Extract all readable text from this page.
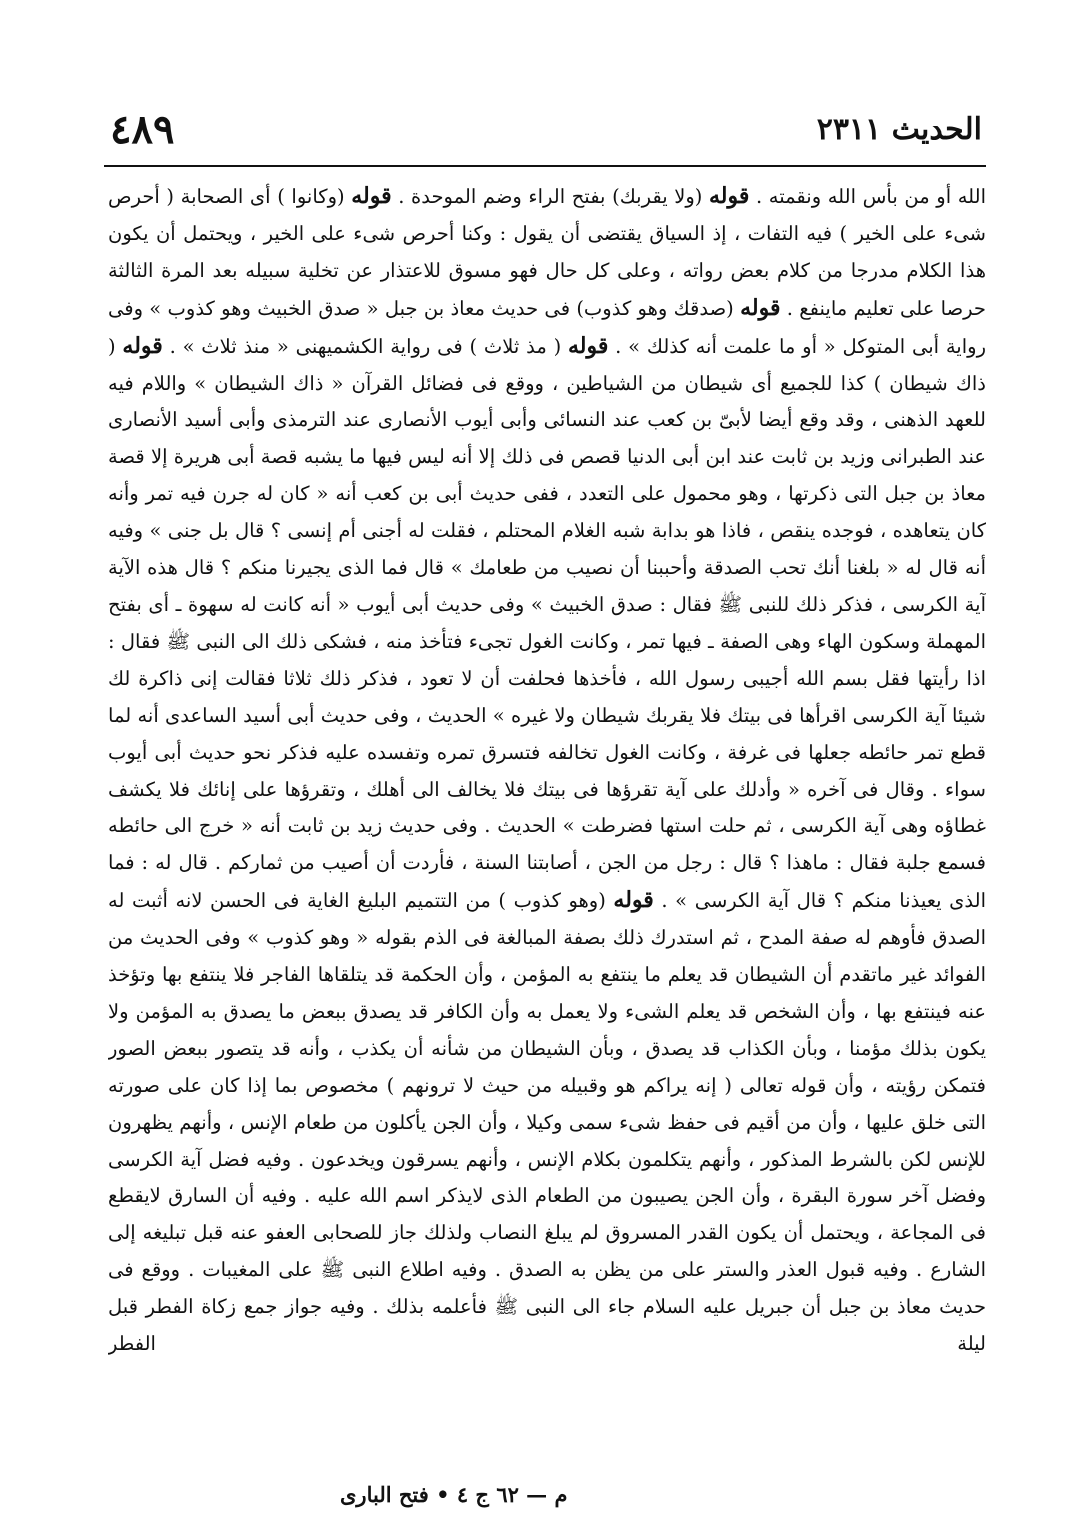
الحديث ٢٣١١
٤٨٩

الله أو من بأس الله ونقمته . قوله (ولا يقربك) بفتح الراء وضم الموحدة . قوله (وكانوا ) أى الصحابة ( أحرص شىء على الخير ) فيه التفات ، إذ السياق يقتضى أن يقول : وكنا أحرص شىء على الخير ، ويحتمل أن يكون هذا الكلام مدرجا من كلام بعض رواته ، وعلى كل حال فهو مسوق للاعتذار عن تخلية سبيله بعد المرة الثالثة حرصا على تعليم ماينفع . قوله (صدقك وهو كذوب) فى حديث معاذ بن جبل « صدق الخبيث وهو كذوب » وفى رواية أبى المتوكل « أو ما علمت أنه كذلك » . قوله ( مذ ثلاث ) فى رواية الكشميهنى « منذ ثلاث » . قوله ( ذاك شيطان ) كذا للجميع أى شيطان من الشياطين ، ووقع فى فضائل القرآن « ذاك الشيطان » واللام فيه للعهد الذهنى ، وقد وقع أيضا لأبىّ بن كعب عند النسائى وأبى أيوب الأنصارى عند الترمذى وأبى أسيد الأنصارى عند الطبرانى وزيد بن ثابت عند ابن أبى الدنيا قصص فى ذلك إلا أنه ليس فيها ما يشبه قصة أبى هريرة إلا قصة معاذ بن جبل التى ذكرتها ، وهو محمول على التعدد ، ففى حديث أبى بن كعب أنه « كان له جرن فيه تمر وأنه كان يتعاهده ، فوجده ينقص ، فاذا هو بدابة شبه الغلام المحتلم ، فقلت له أجنى أم إنسى ؟ قال بل جنى » وفيه أنه قال له « بلغنا أنك تحب الصدقة وأحببنا أن نصيب من طعامك » قال فما الذى يجيرنا منكم ؟ قال هذه الآية آية الكرسى ، فذكر ذلك للنبى ﷺ فقال : صدق الخبيث » وفى حديث أبى أيوب « أنه كانت له سهوة ـ أى بفتح المهملة وسكون الهاء وهى الصفة ـ فيها تمر ، وكانت الغول تجىء فتأخذ منه ، فشكى ذلك الى النبى ﷺ فقال : اذا رأيتها فقل بسم الله أجيبى رسول الله ، فأخذها فحلفت أن لا تعود ، فذكر ذلك ثلاثا فقالت إنى ذاكرة لك شيئا آية الكرسى اقرأها فى بيتك فلا يقربك شيطان ولا غيره » الحديث ، وفى حديث أبى أسيد الساعدى أنه لما قطع تمر حائطه جعلها فى غرفة ، وكانت الغول تخالفه فتسرق تمره وتفسده عليه فذكر نحو حديث أبى أيوب سواء . وقال فى آخره « وأدلك على آية تقرؤها فى بيتك فلا يخالف الى أهلك ، وتقرؤها على إنائك فلا يكشف غطاؤه وهى آية الكرسى ، ثم حلت استها فضرطت » الحديث . وفى حديث زيد بن ثابت أنه « خرج الى حائطه فسمع جلبة فقال : ماهذا ؟ قال : رجل من الجن ، أصابتنا السنة ، فأردت أن أصيب من ثماركم . قال له : فما الذى يعيذنا منكم ؟ قال آية الكرسى » . قوله (وهو كذوب ) من التتميم البليغ الغاية فى الحسن لانه أثبت له الصدق فأوهم له صفة المدح ، ثم استدرك ذلك بصفة المبالغة فى الذم بقوله « وهو كذوب » وفى الحديث من الفوائد غير ماتقدم أن الشيطان قد يعلم ما ينتفع به المؤمن ، وأن الحكمة قد يتلقاها الفاجر فلا ينتفع بها وتؤخذ عنه فينتفع بها ، وأن الشخص قد يعلم الشىء ولا يعمل به وأن الكافر قد يصدق ببعض ما يصدق به المؤمن ولا يكون بذلك مؤمنا ، وبأن الكذاب قد يصدق ، وبأن الشيطان من شأنه أن يكذب ، وأنه قد يتصور ببعض الصور فتمكن رؤيته ، وأن قوله تعالى ( إنه يراكم هو وقبيله من حيث لا ترونهم ) مخصوص بما إذا كان على صورته التى خلق عليها ، وأن من أقيم فى حفظ شىء سمى وكيلا ، وأن الجن يأكلون من طعام الإنس ، وأنهم يظهرون للإنس لكن بالشرط المذكور ، وأنهم يتكلمون بكلام الإنس ، وأنهم يسرقون ويخدعون . وفيه فضل آية الكرسى وفضل آخر سورة البقرة ، وأن الجن يصيبون من الطعام الذى لايذكر اسم الله عليه . وفيه أن السارق لايقطع فى المجاعة ، ويحتمل أن يكون القدر المسروق لم يبلغ النصاب ولذلك جاز للصحابى العفو عنه قبل تبليغه إلى الشارع . وفيه قبول العذر والستر على من يظن به الصدق . وفيه اطلاع النبى ﷺ على المغيبات . ووقع فى حديث معاذ بن جبل أن جبريل عليه السلام جاء الى النبى ﷺ فأعلمه بذلك . وفيه جواز جمع زكاة الفطر قبل ليلة الفطر

م — ٦٢ ج ٤ • فتح البارى
